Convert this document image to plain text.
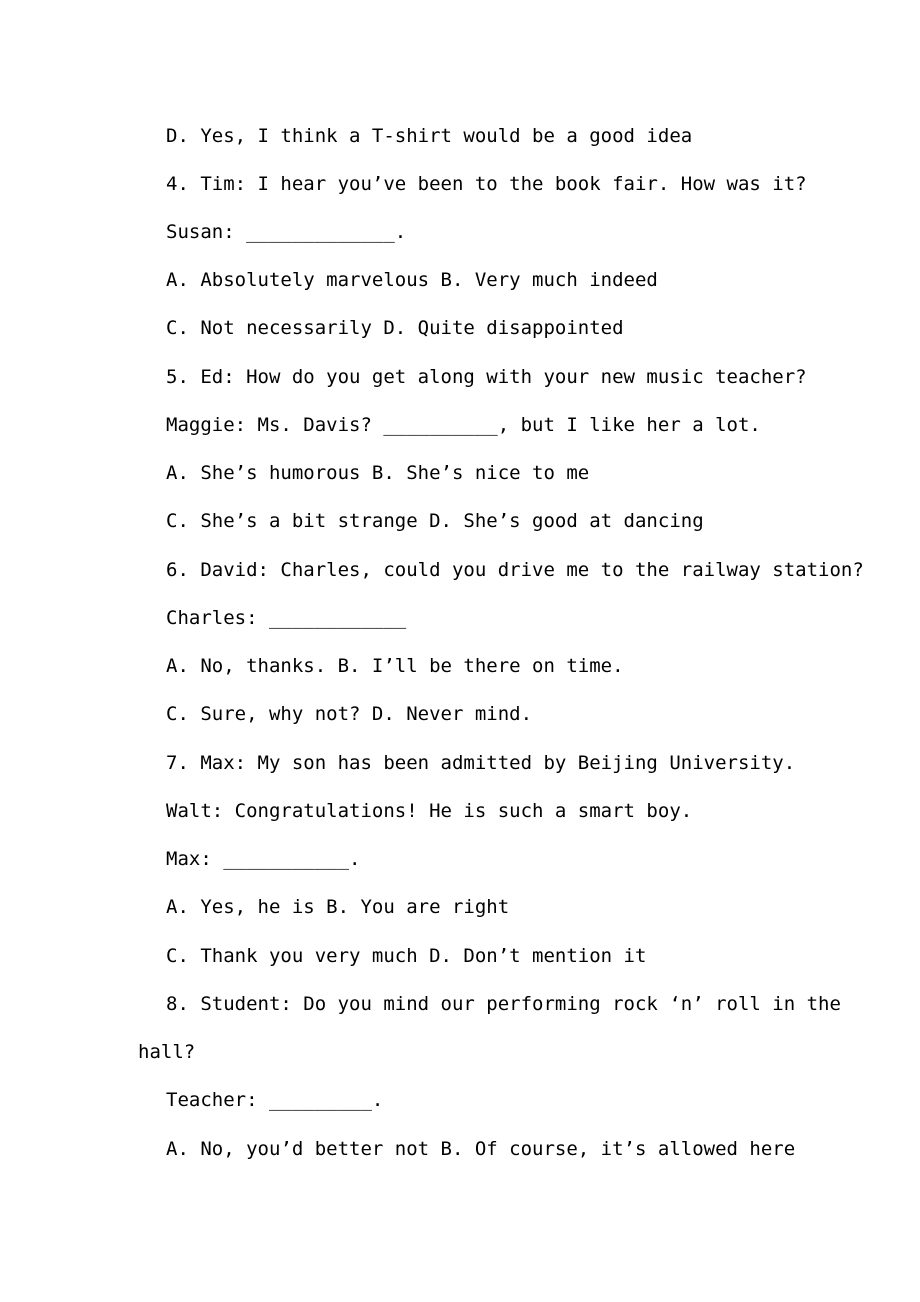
D. Yes, I think a T-shirt would be a good idea
4. Tim: I hear you’ve been to the book fair. How was it?
Susan: _____________.
A. Absolutely marvelous B. Very much indeed
C. Not necessarily D. Quite disappointed
5. Ed: How do you get along with your new music teacher?
Maggie: Ms. Davis? __________, but I like her a lot.
A. She’s humorous B. She’s nice to me
C. She’s a bit strange D. She’s good at dancing
6. David: Charles, could you drive me to the railway station?
Charles: ____________
A. No, thanks. B. I’ll be there on time.
C. Sure, why not? D. Never mind.
7. Max: My son has been admitted by Beijing University.
Walt: Congratulations! He is such a smart boy.
Max: ___________.
A. Yes, he is B. You are right
C. Thank you very much D. Don’t mention it
8. Student: Do you mind our performing rock ‘n’ roll in the
hall?
Teacher: _________.
A. No, you’d better not B. Of course, it’s allowed here
